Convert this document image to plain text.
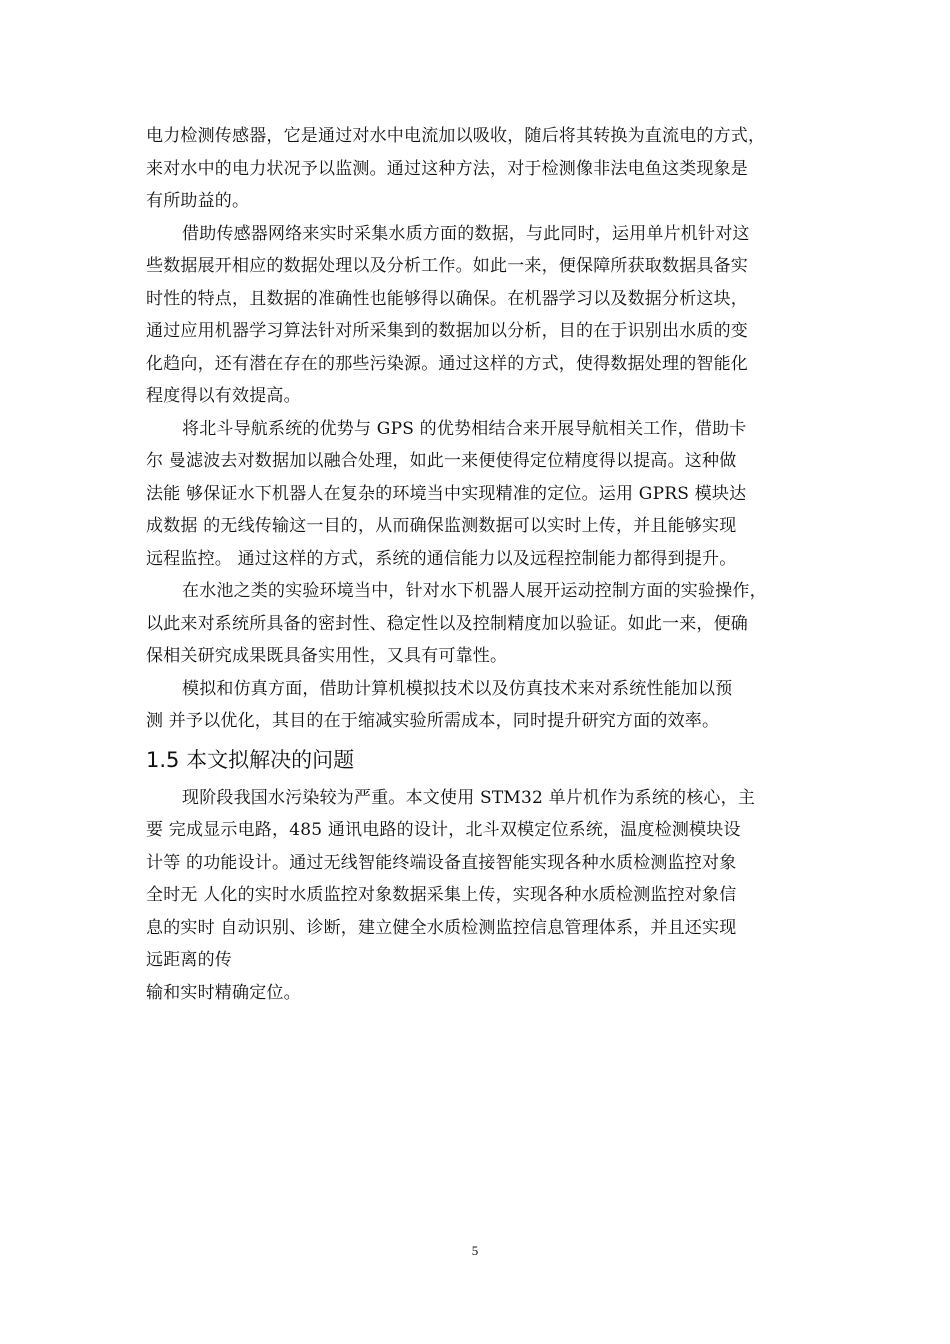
电力检测传感器，它是通过对水中电流加以吸收，随后将其转换为直流电的方式，
来对水中的电力状况予以监测。通过这种方法，对于检测像非法电鱼这类现象是
有所助益的。
借助传感器网络来实时采集水质方面的数据，与此同时，运用单片机针对这
些数据展开相应的数据处理以及分析工作。如此一来，便保障所获取数据具备实
时性的特点，且数据的准确性也能够得以确保。在机器学习以及数据分析这块，
通过应用机器学习算法针对所采集到的数据加以分析，目的在于识别出水质的变
化趋向，还有潜在存在的那些污染源。通过这样的方式，使得数据处理的智能化
程度得以有效提高。
将北斗导航系统的优势与 GPS 的优势相结合来开展导航相关工作，借助卡
尔 曼滤波去对数据加以融合处理，如此一来便使得定位精度得以提高。这种做
法能 够保证水下机器人在复杂的环境当中实现精准的定位。运用 GPRS 模块达
成数据 的无线传输这一目的，从而确保监测数据可以实时上传，并且能够实现
远程监控。 通过这样的方式，系统的通信能力以及远程控制能力都得到提升。
在水池之类的实验环境当中，针对水下机器人展开运动控制方面的实验操作，
以此来对系统所具备的密封性、稳定性以及控制精度加以验证。如此一来，便确
保相关研究成果既具备实用性，又具有可靠性。
模拟和仿真方面，借助计算机模拟技术以及仿真技术来对系统性能加以预
测 并予以优化，其目的在于缩减实验所需成本，同时提升研究方面的效率。
1.5 本文拟解决的问题
现阶段我国水污染较为严重。本文使用 STM32 单片机作为系统的核心，主
要 完成显示电路，485 通讯电路的设计，北斗双模定位系统，温度检测模块设
计等 的功能设计。通过无线智能终端设备直接智能实现各种水质检测监控对象
全时无 人化的实时水质监控对象数据采集上传，实现各种水质检测监控对象信
息的实时 自动识别、诊断，建立健全水质检测监控信息管理体系，并且还实现
远距离的传
输和实时精确定位。
5
